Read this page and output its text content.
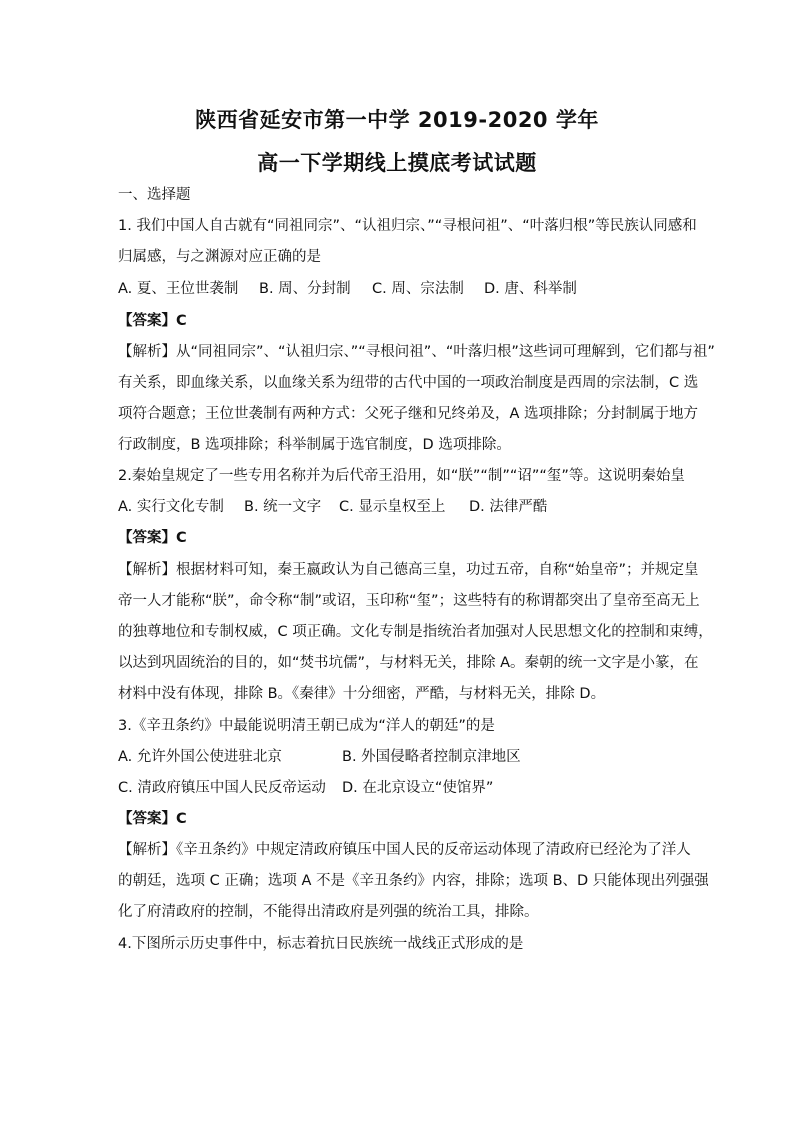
陕西省延安市第一中学 2019-2020 学年
高一下学期线上摸底考试试题
一、选择题
1. 我们中国人自古就有“同祖同宗”、“认祖归宗、”“寻根问祖”、“叶落归根”等民族认同感和
归属感，与之渊源对应正确的是
A. 夏、王位世袭制 B. 周、分封制 C. 周、宗法制 D. 唐、科举制
【答案】C
【解析】从“同祖同宗”、“认祖归宗、”“寻根问祖”、“叶落归根”这些词可理解到，它们都与祖”
有关系，即血缘关系，以血缘关系为纽带的古代中国的一项政治制度是西周的宗法制，C 选
项符合题意；王位世袭制有两种方式：父死子继和兄终弟及，A 选项排除；分封制属于地方
行政制度，B 选项排除；科举制属于选官制度，D 选项排除。
2.秦始皇规定了一些专用名称并为后代帝王沿用，如“朕”“制”“诏”“玺”等。这说明秦始皇
A. 实行文化专制 B. 统一文字 C. 显示皇权至上 D. 法律严酷
【答案】C
【解析】根据材料可知，秦王嬴政认为自己德高三皇，功过五帝，自称“始皇帝”；并规定皇
帝一人才能称“朕”，命令称“制”或诏，玉印称“玺”；这些特有的称谓都突出了皇帝至高无上
的独尊地位和专制权威，C 项正确。文化专制是指统治者加强对人民思想文化的控制和束缚，
以达到巩固统治的目的，如“焚书坑儒”，与材料无关，排除 A。秦朝的统一文字是小篆，在
材料中没有体现，排除 B。《秦律》十分细密，严酷，与材料无关，排除 D。
3.《辛丑条约》中最能说明清王朝已成为“洋人的朝廷”的是
A. 允许外国公使进驻北京	B. 外国侵略者控制京津地区
C. 清政府镇压中国人民反帝运动 D. 在北京设立“使馆界”
【答案】C
【解析】《辛丑条约》中规定清政府镇压中国人民的反帝运动体现了清政府已经沦为了洋人
的朝廷，选项 C 正确；选项 A 不是《辛丑条约》内容，排除；选项 B、D 只能体现出列强强
化了府清政府的控制，不能得出清政府是列强的统治工具，排除。
4.下图所示历史事件中，标志着抗日民族统一战线正式形成的是
